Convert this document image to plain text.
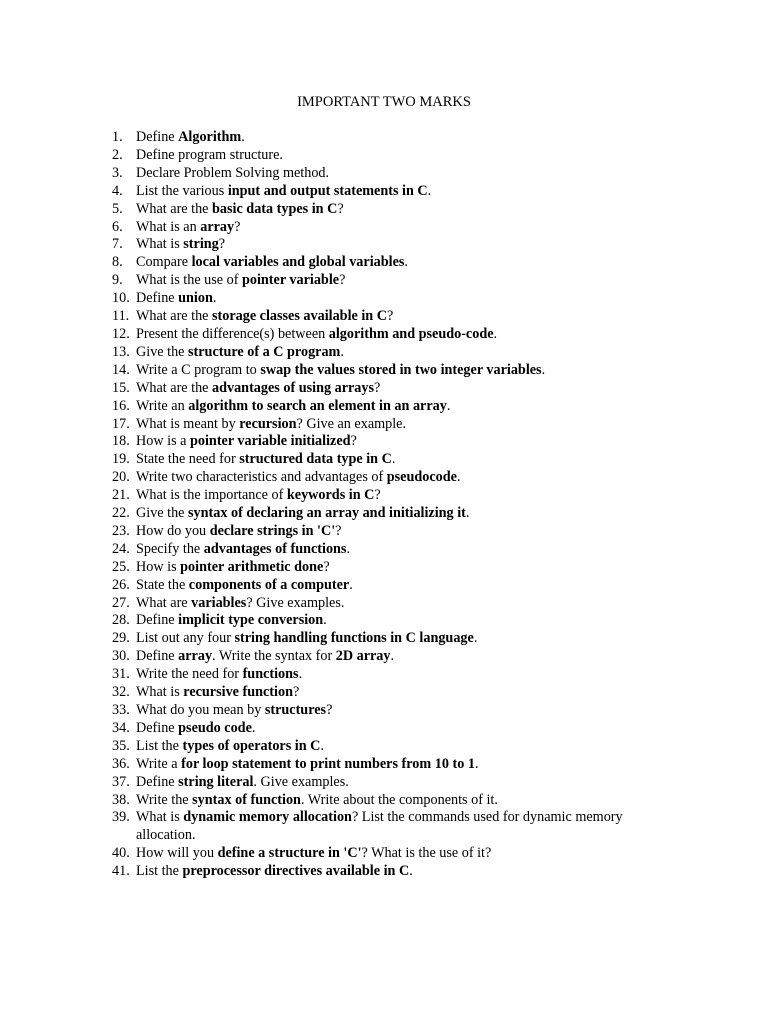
IMPORTANT TWO MARKS
1. Define Algorithm.
2. Define program structure.
3. Declare Problem Solving method.
4. List the various input and output statements in C.
5. What are the basic data types in C?
6. What is an array?
7. What is string?
8. Compare local variables and global variables.
9. What is the use of pointer variable?
10. Define union.
11. What are the storage classes available in C?
12. Present the difference(s) between algorithm and pseudo-code.
13. Give the structure of a C program.
14. Write a C program to swap the values stored in two integer variables.
15. What are the advantages of using arrays?
16. Write an algorithm to search an element in an array.
17. What is meant by recursion? Give an example.
18. How is a pointer variable initialized?
19. State the need for structured data type in C.
20. Write two characteristics and advantages of pseudocode.
21. What is the importance of keywords in C?
22. Give the syntax of declaring an array and initializing it.
23. How do you declare strings in 'C'?
24. Specify the advantages of functions.
25. How is pointer arithmetic done?
26. State the components of a computer.
27. What are variables? Give examples.
28. Define implicit type conversion.
29. List out any four string handling functions in C language.
30. Define array. Write the syntax for 2D array.
31. Write the need for functions.
32. What is recursive function?
33. What do you mean by structures?
34. Define pseudo code.
35. List the types of operators in C.
36. Write a for loop statement to print numbers from 10 to 1.
37. Define string literal. Give examples.
38. Write the syntax of function. Write about the components of it.
39. What is dynamic memory allocation? List the commands used for dynamic memory allocation.
40. How will you define a structure in 'C'? What is the use of it?
41. List the preprocessor directives available in C.
